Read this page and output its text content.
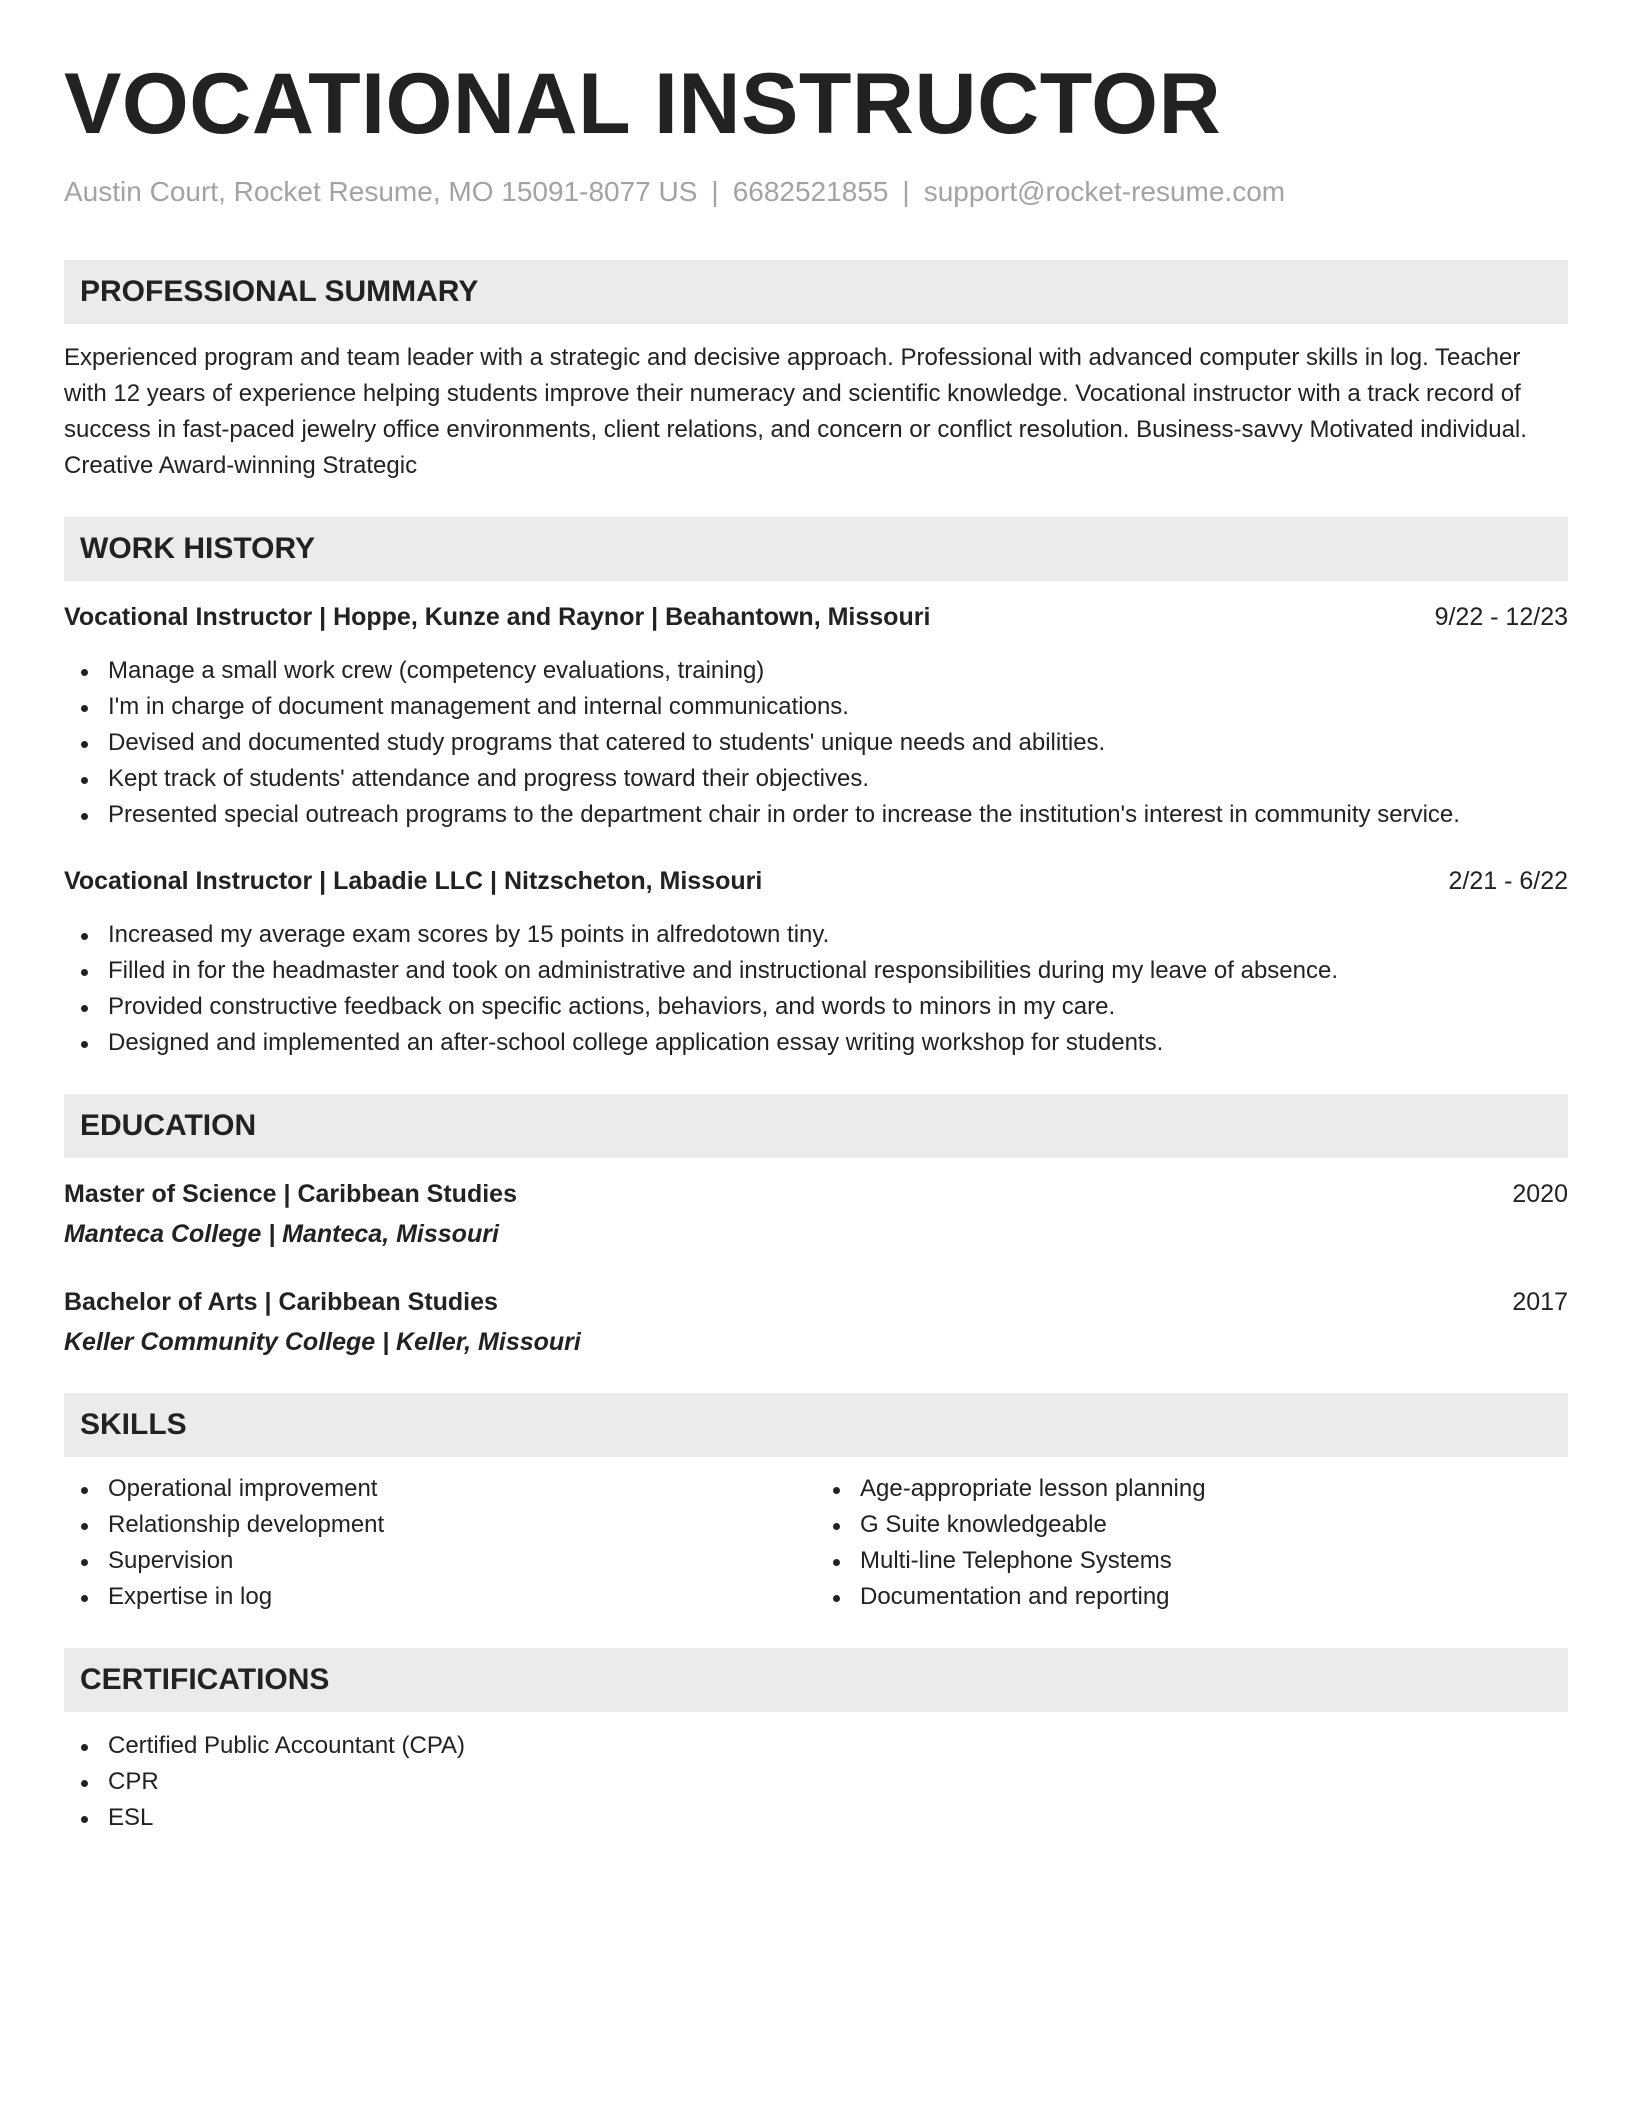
VOCATIONAL INSTRUCTOR
Austin Court, Rocket Resume, MO 15091-8077 US | 6682521855 | support@rocket-resume.com
PROFESSIONAL SUMMARY
Experienced program and team leader with a strategic and decisive approach. Professional with advanced computer skills in log. Teacher with 12 years of experience helping students improve their numeracy and scientific knowledge. Vocational instructor with a track record of success in fast-paced jewelry office environments, client relations, and concern or conflict resolution. Business-savvy Motivated individual. Creative Award-winning Strategic
WORK HISTORY
Vocational Instructor | Hoppe, Kunze and Raynor | Beahantown, Missouri	9/22 - 12/23
Manage a small work crew (competency evaluations, training)
I'm in charge of document management and internal communications.
Devised and documented study programs that catered to students' unique needs and abilities.
Kept track of students' attendance and progress toward their objectives.
Presented special outreach programs to the department chair in order to increase the institution's interest in community service.
Vocational Instructor | Labadie LLC | Nitzscheton, Missouri	2/21 - 6/22
Increased my average exam scores by 15 points in alfredotown tiny.
Filled in for the headmaster and took on administrative and instructional responsibilities during my leave of absence.
Provided constructive feedback on specific actions, behaviors, and words to minors in my care.
Designed and implemented an after-school college application essay writing workshop for students.
EDUCATION
Master of Science | Caribbean Studies	2020
Manteca College | Manteca, Missouri
Bachelor of Arts | Caribbean Studies	2017
Keller Community College | Keller, Missouri
SKILLS
Operational improvement
Relationship development
Supervision
Expertise in log
Age-appropriate lesson planning
G Suite knowledgeable
Multi-line Telephone Systems
Documentation and reporting
CERTIFICATIONS
Certified Public Accountant (CPA)
CPR
ESL
